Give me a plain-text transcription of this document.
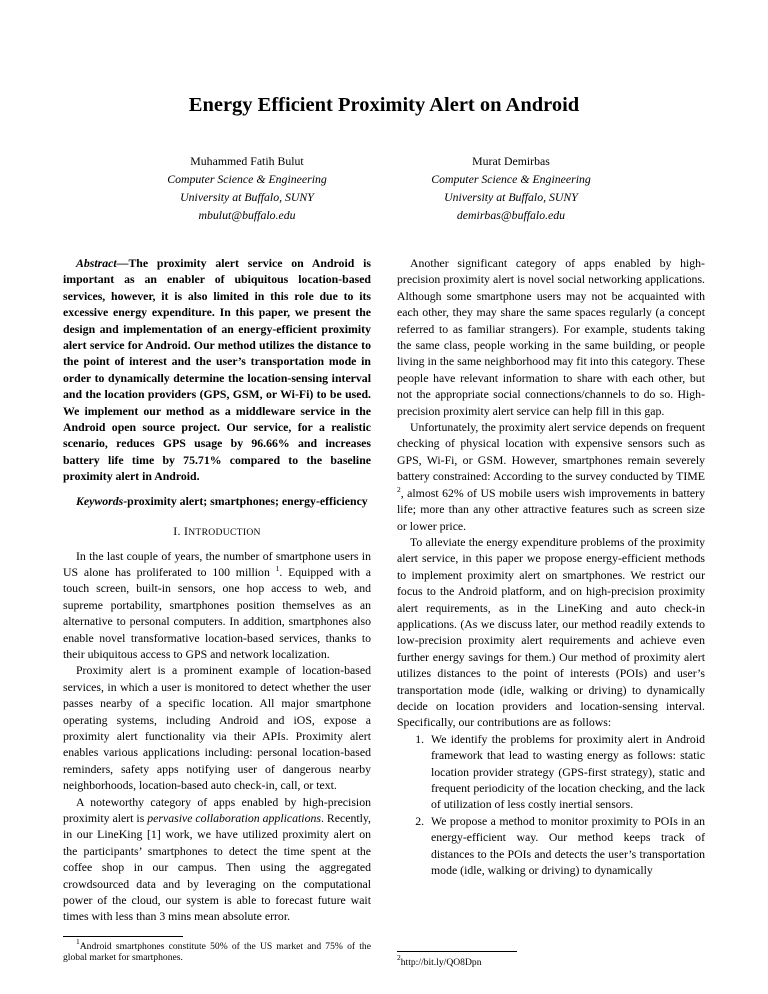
Energy Efficient Proximity Alert on Android
Muhammed Fatih Bulut
Computer Science & Engineering
University at Buffalo, SUNY
mbulut@buffalo.edu
Murat Demirbas
Computer Science & Engineering
University at Buffalo, SUNY
demirbas@buffalo.edu

Abstract—The proximity alert service on Android is important as an enabler of ubiquitous location-based services, however, it is also limited in this role due to its excessive energy expenditure. In this paper, we present the design and implementation of an energy-efficient proximity alert service for Android. Our method utilizes the distance to the point of interest and the user’s transportation mode in order to dynamically determine the location-sensing interval and the location providers (GPS, GSM, or Wi-Fi) to be used. We implement our method as a middleware service in the Android open source project. Our service, for a realistic scenario, reduces GPS usage by 96.66% and increases battery life time by 75.71% compared to the baseline proximity alert in Android.

Keywords-proximity alert; smartphones; energy-efficiency

I. INTRODUCTION

In the last couple of years, the number of smartphone users in US alone has proliferated to 100 million $^1$. Equipped with a touch screen, built-in sensors, one hop access to web, and supreme portability, smartphones position themselves as an alternative to personal computers. In addition, smartphones also enable novel transformative location-based services, thanks to their ubiquitous access to GPS and network localization.

Proximity alert is a prominent example of location-based services, in which a user is monitored to detect whether the user passes nearby of a specific location. All major smartphone operating systems, including Android and iOS, expose a proximity alert functionality via their APIs. Proximity alert enables various applications including: personal location-based reminders, safety apps notifying user of dangerous nearby neighborhoods, location-based auto check-in, call, or text.

A noteworthy category of apps enabled by high-precision proximity alert is pervasive collaboration applications. Recently, in our LineKing [1] work, we have utilized proximity alert on the participants’ smartphones to detect the time spent at the coffee shop in our campus. Then using the aggregated crowdsourced data and by leveraging on the computational power of the cloud, our system is able to forecast future wait times with less than 3 mins mean absolute error.

$^1$Android smartphones constitute 50% of the US market and 75% of the global market for smartphones.

Another significant category of apps enabled by high-precision proximity alert is novel social networking applications. Although some smartphone users may not be acquainted with each other, they may share the same spaces regularly (a concept referred to as familiar strangers). For example, students taking the same class, people working in the same building, or people living in the same neighborhood may fit into this category. These people have relevant information to share with each other, but not the appropriate social connections/channels to do so. High-precision proximity alert service can help fill in this gap.

Unfortunately, the proximity alert service depends on frequent checking of physical location with expensive sensors such as GPS, Wi-Fi, or GSM. However, smartphones remain severely battery constrained: According to the survey conducted by TIME $^2$, almost 62% of US mobile users wish improvements in battery life; more than any other attractive features such as screen size or lower price.

To alleviate the energy expenditure problems of the proximity alert service, in this paper we propose energy-efficient methods to implement proximity alert on smartphones. We restrict our focus to the Android platform, and on high-precision proximity alert requirements, as in the LineKing and auto check-in applications. (As we discuss later, our method readily extends to low-precision proximity alert requirements and achieve even further energy savings for them.) Our method of proximity alert utilizes distances to the point of interests (POIs) and user’s transportation mode (idle, walking or driving) to dynamically decide on location providers and location-sensing interval. Specifically, our contributions are as follows:

1. We identify the problems for proximity alert in Android framework that lead to wasting energy as follows: static location provider strategy (GPS-first strategy), static and frequent periodicity of the location checking, and the lack of utilization of less costly inertial sensors.
2. We propose a method to monitor proximity to POIs in an energy-efficient way. Our method keeps track of distances to the POIs and detects the user’s transportation mode (idle, walking or driving) to dynamically
$^2$http://bit.ly/QO8Dpn
